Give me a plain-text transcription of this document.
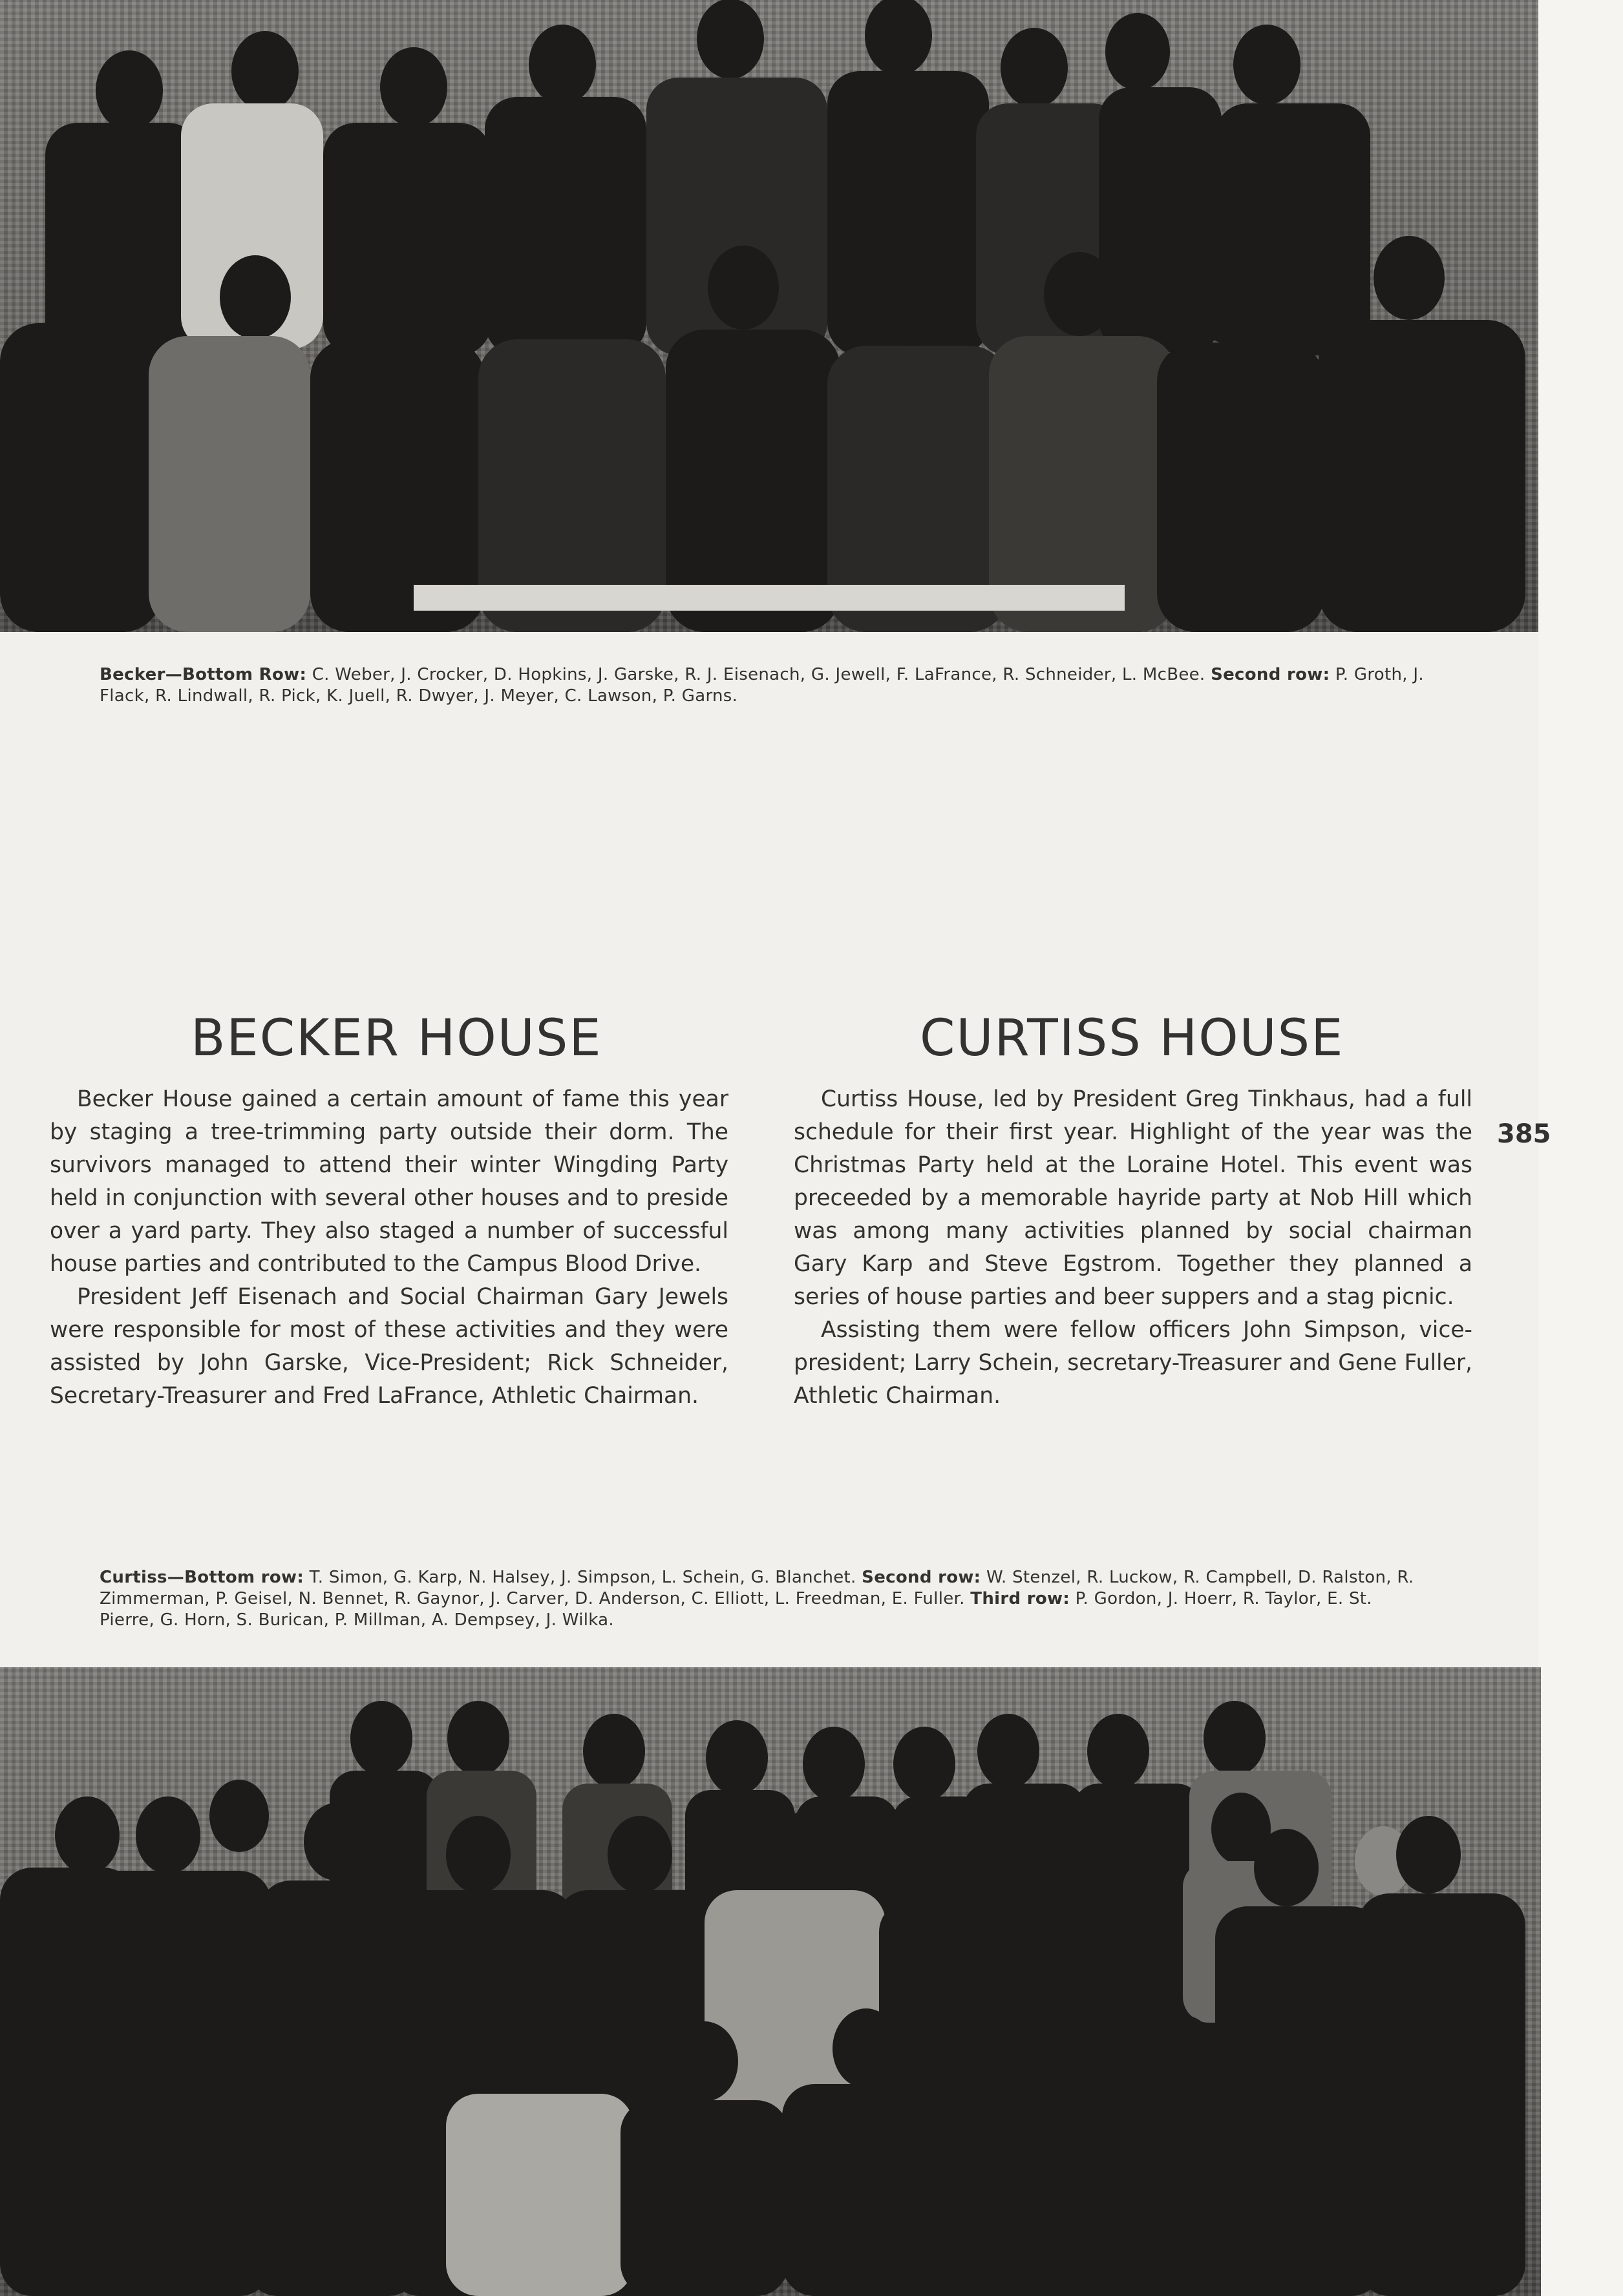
Becker—Bottom Row: C. Weber, J. Crocker, D. Hopkins, J. Garske, R. J. Eisenach, G. Jewell, F. LaFrance, R. Schneider, L. McBee. Second row: P. Groth, J. Flack, R. Lindwall, R. Pick, K. Juell, R. Dwyer, J. Meyer, C. Lawson, P. Garns.
BECKER HOUSE	CURTISS HOUSE

Becker House gained a certain amount of fame this year by staging a tree-trimming party outside their dorm. The survivors managed to attend their winter Wingding Party held in conjunction with several other houses and to preside over a yard party. They also staged a number of successful house parties and contributed to the Campus Blood Drive.

President Jeff Eisenach and Social Chairman Gary Jewels were responsible for most of these activities and they were assisted by John Garske, Vice-President; Rick Schneider, Secretary-Treasurer and Fred LaFrance, Athletic Chairman.

Curtiss House, led by President Greg Tinkhaus, had a full schedule for their first year. Highlight of the year was the Christmas Party held at the Loraine Hotel. This event was preceeded by a memorable hayride party at Nob Hill which was among many activities planned by social chairman Gary Karp and Steve Egstrom. Together they planned a series of house parties and beer suppers and a stag picnic.

Assisting them were fellow officers John Simpson, vice-president; Larry Schein, secretary-Treasurer and Gene Fuller, Athletic Chairman.

385
Curtiss—Bottom row: T. Simon, G. Karp, N. Halsey, J. Simpson, L. Schein, G. Blanchet. Second row: W. Stenzel, R. Luckow, R. Campbell, D. Ralston, R. Zimmerman, P. Geisel, N. Bennet, R. Gaynor, J. Carver, D. Anderson, C. Elliott, L. Freedman, E. Fuller. Third row: P. Gordon, J. Hoerr, R. Taylor, E. St. Pierre, G. Horn, S. Burican, P. Millman, A. Dempsey, J. Wilka.
